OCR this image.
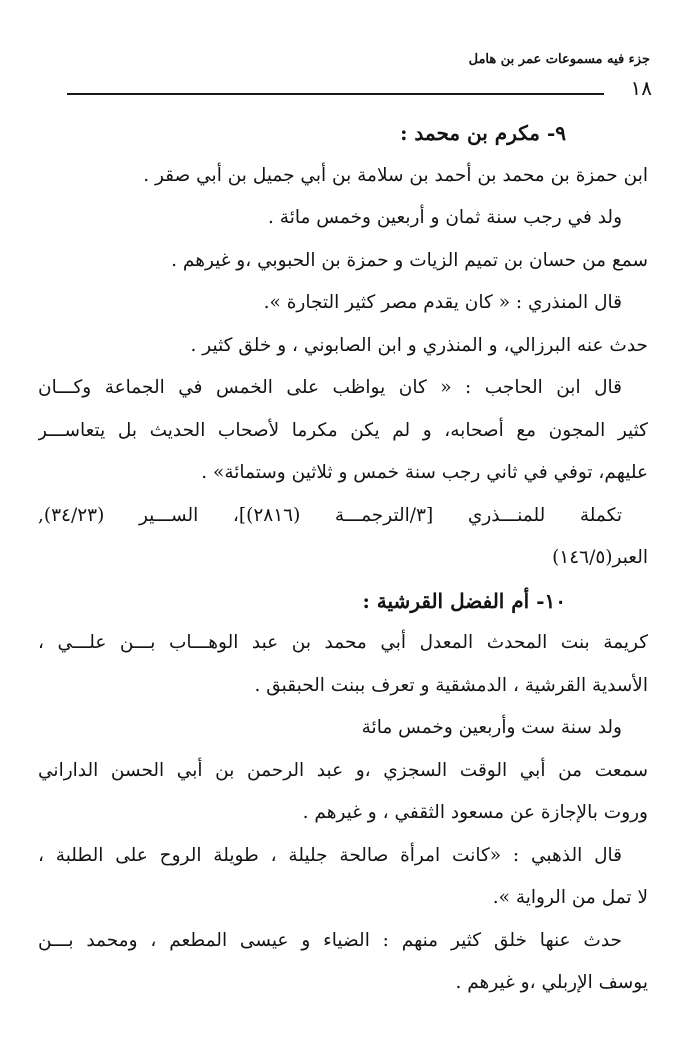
جزء فيه مسموعات عمر بن هامل
١٨
٩- مكرم بن محمد :
ابن حمزة بن محمد بن أحمد بن سلامة بن أبي جميل بن أبي صقر .
ولد في رجب سنة ثمان و أربعين وخمس مائة .
سمع من حسان بن تميم الزيات و حمزة بن الحبوبي ،و غيرهم .
قال المنذري : « كان يقدم مصر كثير التجارة ».
حدث عنه البرزالي، و المنذري و ابن الصابوني ، و خلق كثير .
قال ابن الحاجب : « كان يواظب على الخمس في الجماعة وكـــان
كثير المجون مع أصحابه، و لم يكن مكرما لأصحاب الحديث بل يتعاســـر
عليهم، توفي في ثاني رجب سنة خمس و ثلاثين وستمائة» .
تكملة للمنـــذري [٣/الترجمـــة (٢٨١٦)]، الســـير (٣٤/٢٣),
العبر(١٤٦/٥)
١٠- أم الفضل القرشية :
كريمة بنت المحدث المعدل أبي محمد بن عبد الوهـــاب بـــن علـــي ،
الأسدية القرشية ، الدمشقية و تعرف ببنت الحبقبق .
ولد سنة ست وأربعين وخمس مائة
سمعت من أبي الوقت السجزي ،و عبد الرحمن بن أبي الحسن الداراني
وروت بالإجازة عن مسعود الثقفي ، و غيرهم .
قال الذهبي : «كانت امرأة صالحة جليلة ، طويلة الروح على الطلبة ،
لا تمل من الرواية ».
حدث عنها خلق كثير منهم : الضياء و عيسى المطعم ، ومحمد بـــن
يوسف الإربلي ،و غيرهم .
